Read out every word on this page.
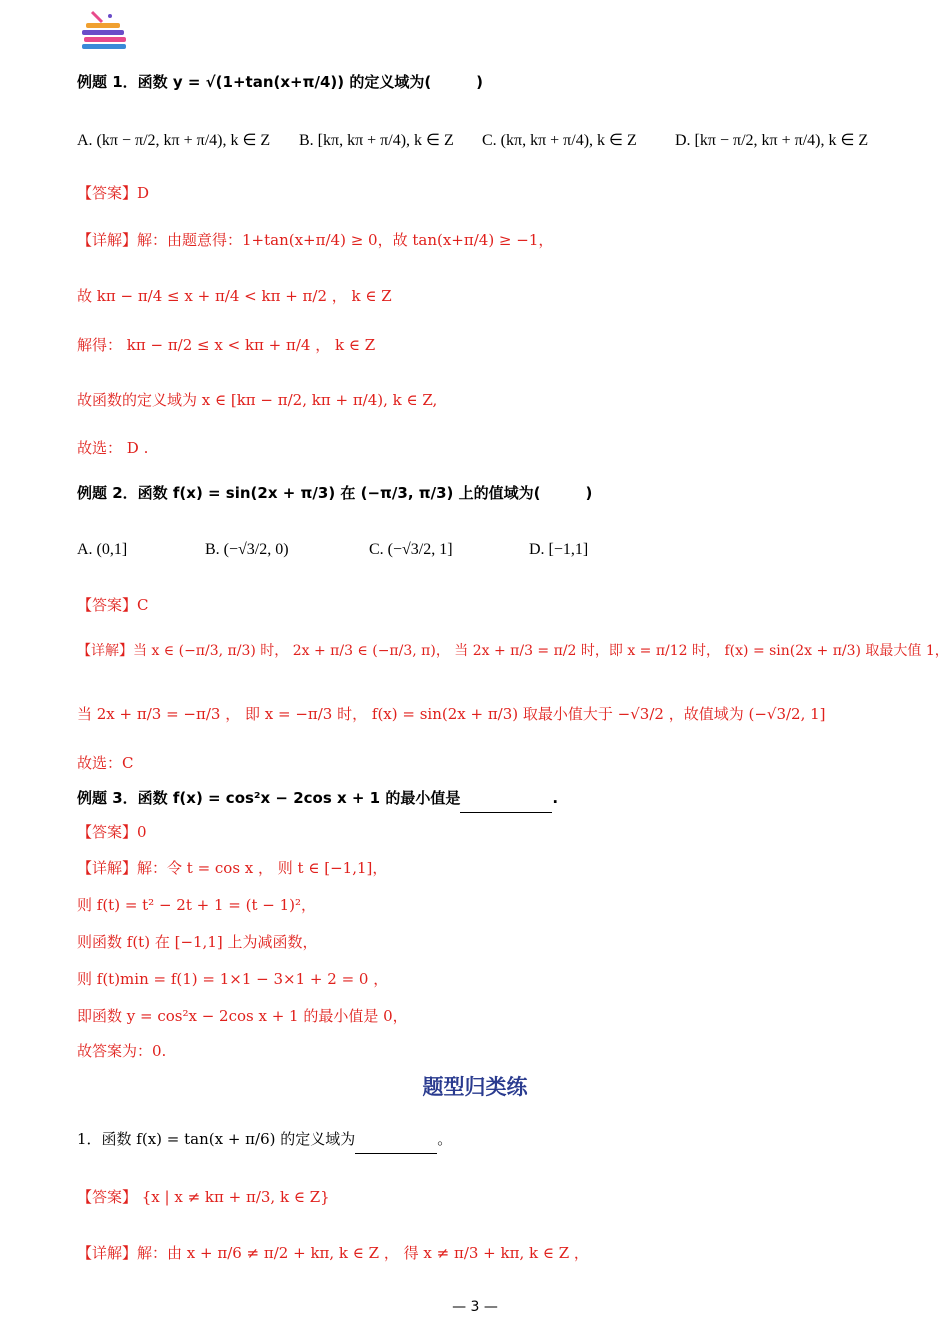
例题 1．函数 y = √(1+tan(x+π/4)) 的定义域为(　　　)
A. (kπ − π/2, kπ + π/4), k ∈ Z B. [kπ, kπ + π/4), k ∈ Z C. (kπ, kπ + π/4), k ∈ Z D. [kπ − π/2, kπ + π/4), k ∈ Z
【答案】D
【详解】解：由题意得：1+tan(x+π/4) ≥ 0，故 tan(x+π/4) ≥ −1，
故 kπ − π/4 ≤ x + π/4 < kπ + π/2 ， k ∈ Z
解得： kπ − π/2 ≤ x < kπ + π/4 ， k ∈ Z
故函数的定义域为 x ∈ [kπ − π/2, kπ + π/4), k ∈ Z,
故选： D .
例题 2．函数 f(x) = sin(2x + π/3) 在 (−π/3, π/3) 上的值域为(　　　)
A. (0,1]	B. (−√3/2, 0)	C. (−√3/2, 1]	D. [−1,1]
【答案】C
【详解】当 x ∈ (−π/3, π/3) 时， 2x + π/3 ∈ (−π/3, π)， 当 2x + π/3 = π/2 时，即 x = π/12 时， f(x) = sin(2x + π/3) 取最大值 1，
当 2x + π/3 = −π/3 ， 即 x = −π/3 时， f(x) = sin(2x + π/3) 取最小值大于 −√3/2 ，故值域为 (−√3/2, 1]
故选：C
例题 3．函数 f(x) = cos²x − 2cos x + 1 的最小值是	.
【答案】0
【详解】解：令 t = cos x ， 则 t ∈ [−1,1]，
则 f(t) = t² − 2t + 1 = (t − 1)²，
则函数 f(t) 在 [−1,1] 上为减函数，
则 f(t)min = f(1) = 1×1 − 3×1 + 2 = 0 ，
即函数 y = cos²x − 2cos x + 1 的最小值是 0，
故答案为：0.
题型归类练
1．函数 f(x) = tan(x + π/6) 的定义域为	。
【答案】 {x | x ≠ kπ + π/3, k ∈ Z}
【详解】解：由 x + π/6 ≠ π/2 + kπ, k ∈ Z ， 得 x ≠ π/3 + kπ, k ∈ Z ，
— 3 —
